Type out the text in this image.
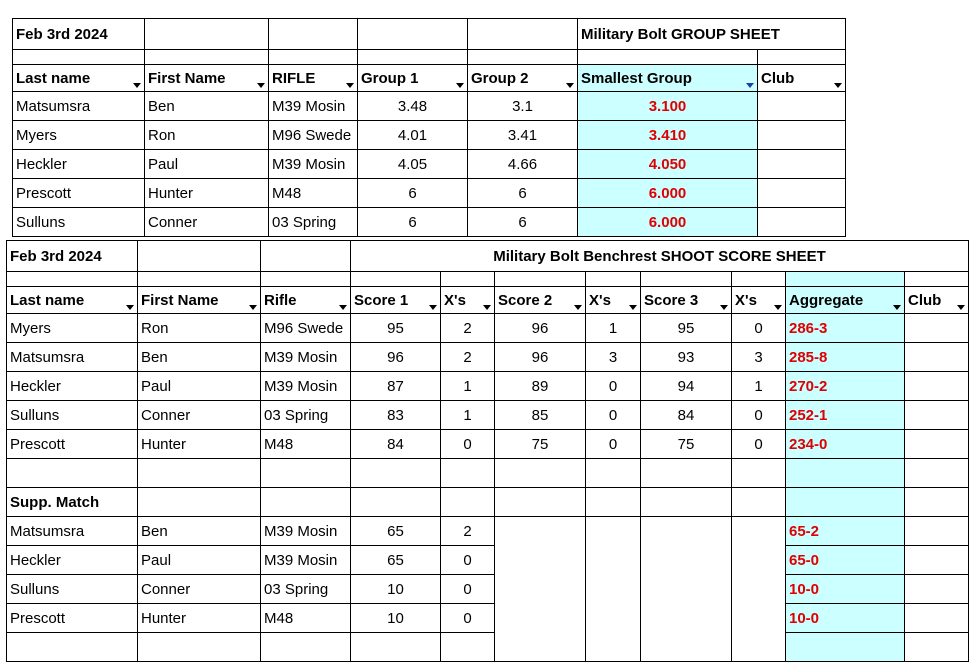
Feb 3rd 2024					Military Bolt GROUP SHEET	

Last name	First Name	RIFLE	Group 1	Group 2	Smallest Group	Club

Matsumsra	Ben	M39 Mosin	3.48	3.1	3.100	
Myers	Ron	M96 Swede	4.01	3.41	3.410	
Heckler	Paul	M39 Mosin	4.05	4.66	4.050	
Prescott	Hunter	M48	6	6	6.000	
Sulluns	Conner	03 Spring	6	6	6.000	
Feb 3rd 2024			Military Bolt Benchrest SHOOT SCORE SHEET							

Last name	First Name	Rifle	Score 1	X's	Score 2	X's	Score 3	X's	Aggregate	Club

Myers	Ron	M96 Swede	95	2	96	1	95	0	286-3	
Matsumsra	Ben	M39 Mosin	96	2	96	3	93	3	285-8	
Heckler	Paul	M39 Mosin	87	1	89	0	94	1	270-2	
Sulluns	Conner	03 Spring	83	1	85	0	84	0	252-1	
Prescott	Hunter	M48	84	0	75	0	75	0	234-0	

Supp. Match										
Matsumsra	Ben	M39 Mosin	65	2					65-2	
Heckler	Paul	M39 Mosin	65	0					65-0	
Sulluns	Conner	03 Spring	10	0					10-0	
Prescott	Hunter	M48	10	0					10-0	
